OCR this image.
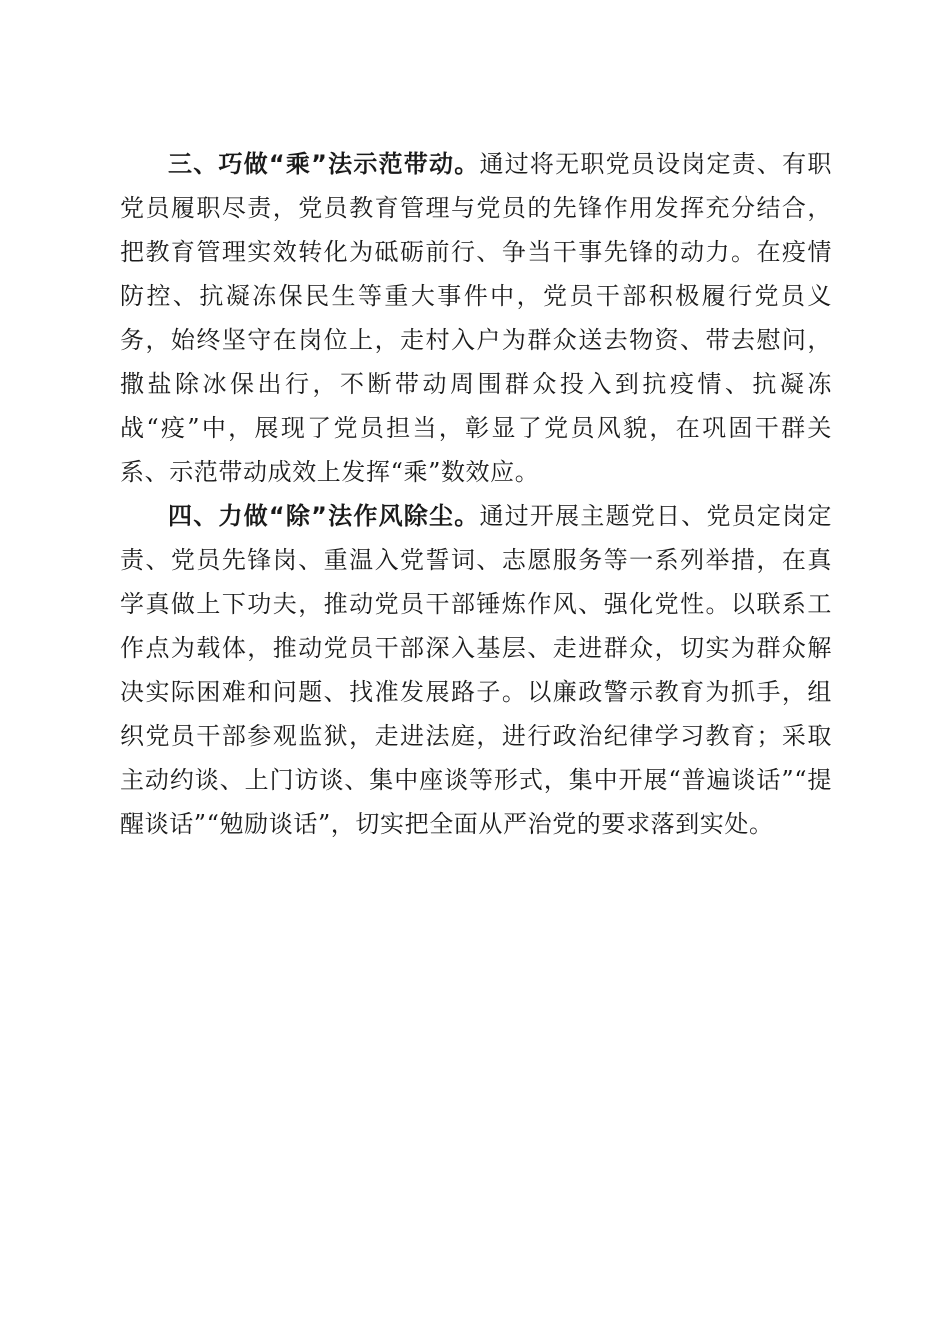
三、巧做“乘”法示范带动。通过将无职党员设岗定责、有职党员履职尽责，党员教育管理与党员的先锋作用发挥充分结合，把教育管理实效转化为砥砺前行、争当干事先锋的动力。在疫情防控、抗凝冻保民生等重大事件中，党员干部积极履行党员义务，始终坚守在岗位上，走村入户为群众送去物资、带去慰问，撒盐除冰保出行，不断带动周围群众投入到抗疫情、抗凝冻战“疫”中，展现了党员担当，彰显了党员风貌，在巩固干群关系、示范带动成效上发挥“乘”数效应。

四、力做“除”法作风除尘。通过开展主题党日、党员定岗定责、党员先锋岗、重温入党誓词、志愿服务等一系列举措，在真学真做上下功夫，推动党员干部锤炼作风、强化党性。以联系工作点为载体，推动党员干部深入基层、走进群众，切实为群众解决实际困难和问题、找准发展路子。以廉政警示教育为抓手，组织党员干部参观监狱，走进法庭，进行政治纪律学习教育；采取主动约谈、上门访谈、集中座谈等形式，集中开展“普遍谈话”“提醒谈话”“勉励谈话”，切实把全面从严治党的要求落到实处。
